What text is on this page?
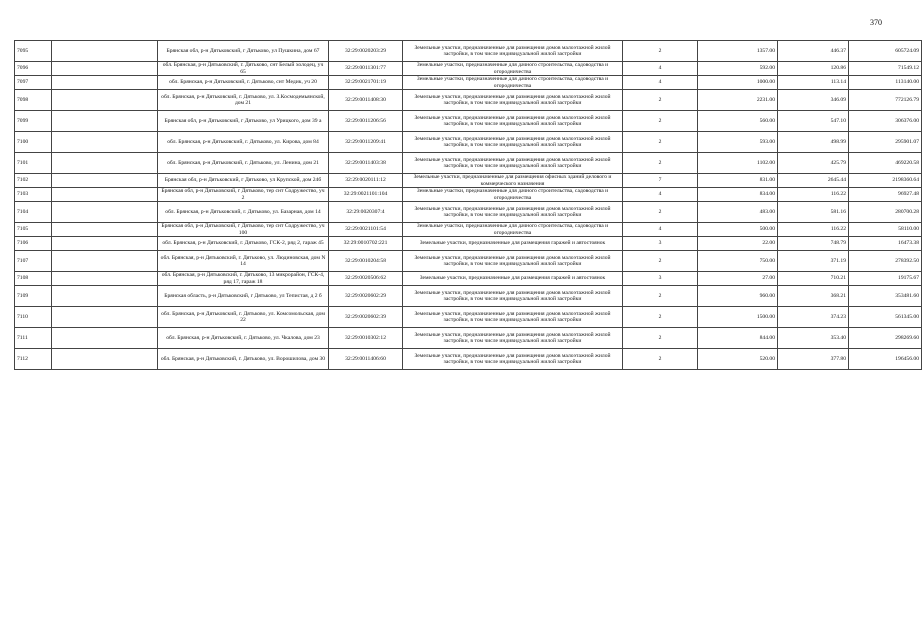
370
7095		Брянская обл, р-н Дятьковский, г Дятьково, ул Пушкина, дом 67	32:29:0020203:29	Земельные участки, предназначенные для размещения домов малоэтажной жилой застройки, в том числе индивидуальной жилой застройки	2	1357.00	446.37	605724.09
7096		обл. Брянская, р-н Дятьковский, г. Дятьково, снт Белый холодец, уч 65	32:29:0011301:77	Земельные участки, предназначенные для дачного строительства, садоводства и огородничества	4	592.00	120.86	71549.12
7097		обл. Брянская, р-н Дятьковский, г. Дятьково, снт Медик, уч 20	32:29:0021701:19	Земельные участки, предназначенные для дачного строительства, садоводства и огородничества	4	1000.00	113.14	113140.00
7098		обл. Брянская, р-н Дятьковский, г. Дятьково, ул. З.Космодемьянской, дом 21	32:29:0011408:30	Земельные участки, предназначенные для размещения домов малоэтажной жилой застройки, в том числе индивидуальной жилой застройки	2	2231.00	346.09	772126.79
7099		Брянская обл, р-н Дятьковский, г Дятьково, ул Урицкого, дом 39 а	32:29:0011206:56	Земельные участки, предназначенные для размещения домов малоэтажной жилой застройки, в том числе индивидуальной жилой застройки	2	560.00	547.10	306376.00
7100		обл. Брянская, р-н Дятьковский, г. Дятьково, ул. Кирова, дом 84	32:29:0011209:41	Земельные участки, предназначенные для размещения домов малоэтажной жилой застройки, в том числе индивидуальной жилой застройки	2	593.00	498.99	295901.07
7101		обл. Брянская, р-н Дятьковский, г. Дятьково, ул. Ленина, дом 21	32:29:0011403:38	Земельные участки, предназначенные для размещения домов малоэтажной жилой застройки, в том числе индивидуальной жилой застройки	2	1102.00	425.79	469220.58
7102		Брянская обл, р-н Дятьковский, г Дятьково, ул Крупской, дом 24б	32:29:0020111:12	Земельные участки, предназначенные для размещения офисных зданий делового и коммерческого назначения	7	831.00	2645.44	2198360.64
7103		Брянская обл, р-н Дятьковский, г Дятьково, тер снт Содружество, уч 2	32:29:0021101:104	Земельные участки, предназначенные для дачного строительства, садоводства и огородничества	4	834.00	116.22	96927.48
7104		обл. Брянская, р-н Дятьковский, г. Дятьково, ул. Базарная, дом 14	32:29:0020307:4	Земельные участки, предназначенные для размещения домов малоэтажной жилой застройки, в том числе индивидуальной жилой застройки	2	483.00	581.16	280700.28
7105		Брянская обл, р-н Дятьковский, г Дятьково, тер снт Содружество, уч 100	32:29:0021101:54	Земельные участки, предназначенные для дачного строительства, садоводства и огородничества	4	500.00	116.22	58110.00
7106		обл. Брянская, р-н Дятьковский, г. Дятьково, ГСК-2, ряд 2, гараж 45	32:29:0010702:221	Земельные участки, предназначенные для размещения гаражей и автостоянок	3	22.00	748.79	16473.38
7107		обл. Брянская, р-н Дятьковский, г. Дятьково, ул. Людиновская, дом N 14	32:29:0010204:58	Земельные участки, предназначенные для размещения домов малоэтажной жилой застройки, в том числе индивидуальной жилой застройки	2	750.00	371.19	278392.50
7108		обл. Брянская, р-н Дятьковский, г. Дятьково, 13 микрорайон, ГСК-4, ряд 17, гараж 18	32:29:0020506:62	Земельные участки, предназначенные для размещения гаражей и автостоянок	3	27.00	710.21	19175.67
7109		Брянская область, р-н Дятьковский, г Дятьково, ул Тепистая, д 2 б	32:29:0020602:29	Земельные участки, предназначенные для размещения домов малоэтажной жилой застройки, в том числе индивидуальной жилой застройки	2	960.00	368.21	353481.60
7110		обл. Брянская, р-н Дятьковский, г. Дятьково, ул. Комсомольская, дом 22	32:29:0020602:39	Земельные участки, предназначенные для размещения домов малоэтажной жилой застройки, в том числе индивидуальной жилой застройки	2	1500.00	374.23	561345.00
7111		обл. Брянская, р-н Дятьковский, г. Дятьково, ул. Чкалова, дом 23	32:29:0010302:12	Земельные участки, предназначенные для размещения домов малоэтажной жилой застройки, в том числе индивидуальной жилой застройки	2	844.00	353.40	298269.60
7112		обл. Брянская, р-н Дятьковский, г. Дятьково, ул. Ворошилова, дом 30	32:29:0011406:60	Земельные участки, предназначенные для размещения домов малоэтажной жилой застройки, в том числе индивидуальной жилой застройки	2	520.00	377.80	196456.00
